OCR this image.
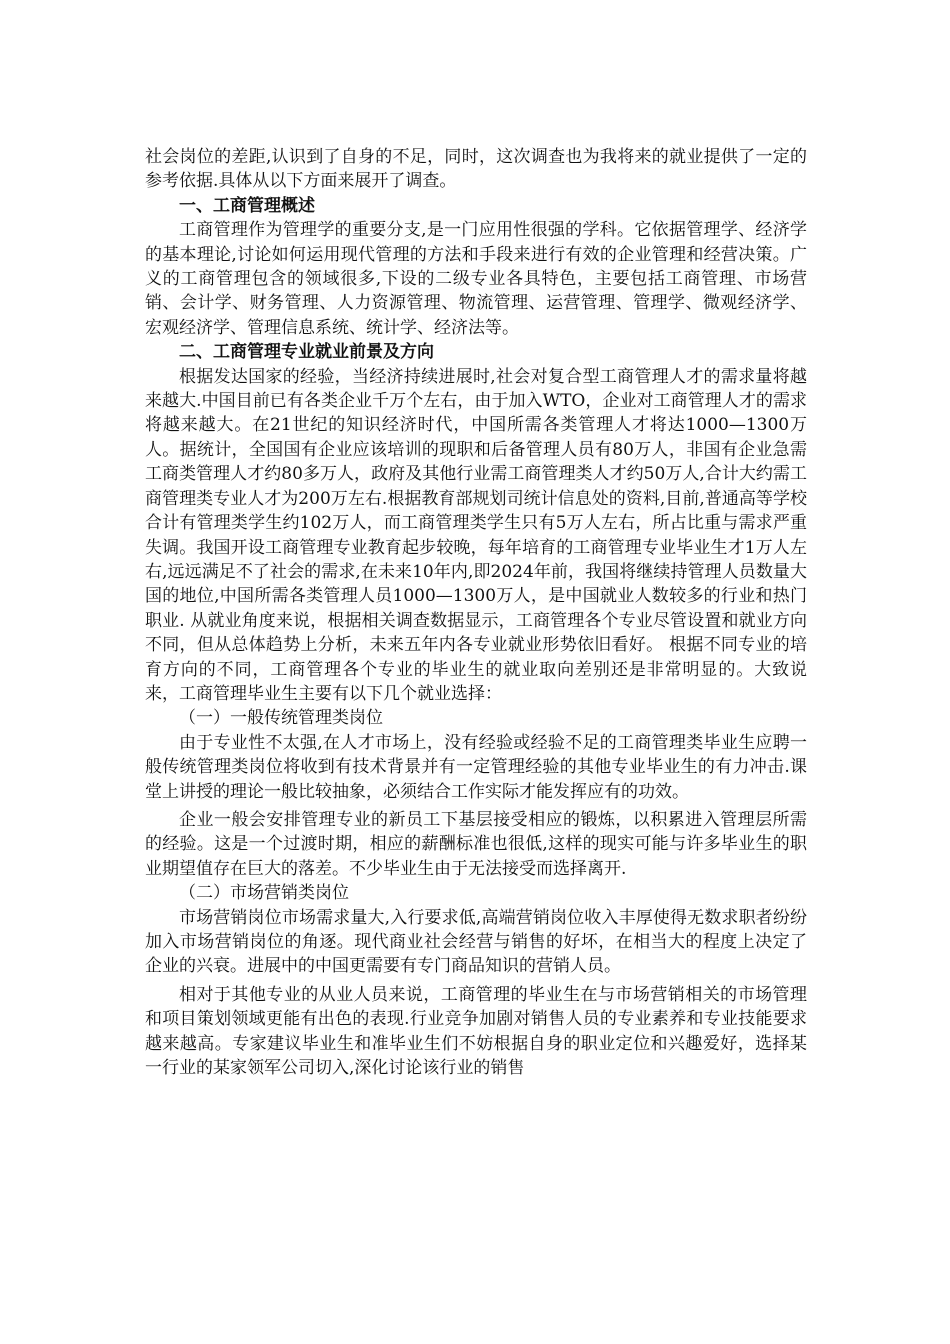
社会岗位的差距,认识到了自身的不足，同时，这次调查也为我将来的就业提供了一定的参考依据.具体从以下方面来展开了调查。

一、工商管理概述

工商管理作为管理学的重要分支,是一门应用性很强的学科。它依据管理学、经济学的基本理论,讨论如何运用现代管理的方法和手段来进行有效的企业管理和经营决策。广义的工商管理包含的领域很多,下设的二级专业各具特色，主要包括工商管理、市场营销、会计学、财务管理、人力资源管理、物流管理、运营管理、管理学、微观经济学、宏观经济学、管理信息系统、统计学、经济法等。

二、工商管理专业就业前景及方向

根据发达国家的经验，当经济持续进展时,社会对复合型工商管理人才的需求量将越来越大.中国目前已有各类企业千万个左右，由于加入WTO，企业对工商管理人才的需求将越来越大。在21世纪的知识经济时代，中国所需各类管理人才将达1000—1300万人。据统计，全国国有企业应该培训的现职和后备管理人员有80万人，非国有企业急需工商类管理人才约80多万人，政府及其他行业需工商管理类人才约50万人,合计大约需工商管理类专业人才为200万左右.根据教育部规划司统计信息处的资料,目前,普通高等学校合计有管理类学生约102万人，而工商管理类学生只有5万人左右，所占比重与需求严重失调。我国开设工商管理专业教育起步较晚，每年培育的工商管理专业毕业生才1万人左右,远远满足不了社会的需求,在未来10年内,即2024年前，我国将继续持管理人员数量大国的地位,中国所需各类管理人员1000—1300万人，是中国就业人数较多的行业和热门职业. 从就业角度来说，根据相关调查数据显示，工商管理各个专业尽管设置和就业方向不同，但从总体趋势上分析，未来五年内各专业就业形势依旧看好。 根据不同专业的培育方向的不同，工商管理各个专业的毕业生的就业取向差别还是非常明显的。大致说来，工商管理毕业生主要有以下几个就业选择：

（一）一般传统管理类岗位

由于专业性不太强,在人才市场上，没有经验或经验不足的工商管理类毕业生应聘一般传统管理类岗位将收到有技术背景并有一定管理经验的其他专业毕业生的有力冲击.课堂上讲授的理论一般比较抽象，必须结合工作实际才能发挥应有的功效。

企业一般会安排管理专业的新员工下基层接受相应的锻炼，以积累进入管理层所需的经验。这是一个过渡时期，相应的薪酬标准也很低,这样的现实可能与许多毕业生的职业期望值存在巨大的落差。不少毕业生由于无法接受而选择离开.

（二）市场营销类岗位

市场营销岗位市场需求量大,入行要求低,高端营销岗位收入丰厚使得无数求职者纷纷加入市场营销岗位的角逐。现代商业社会经营与销售的好坏，在相当大的程度上决定了企业的兴衰。进展中的中国更需要有专门商品知识的营销人员。

相对于其他专业的从业人员来说，工商管理的毕业生在与市场营销相关的市场管理和项目策划领域更能有出色的表现.行业竞争加剧对销售人员的专业素养和专业技能要求越来越高。专家建议毕业生和准毕业生们不妨根据自身的职业定位和兴趣爱好，选择某一行业的某家领军公司切入,深化讨论该行业的销售
